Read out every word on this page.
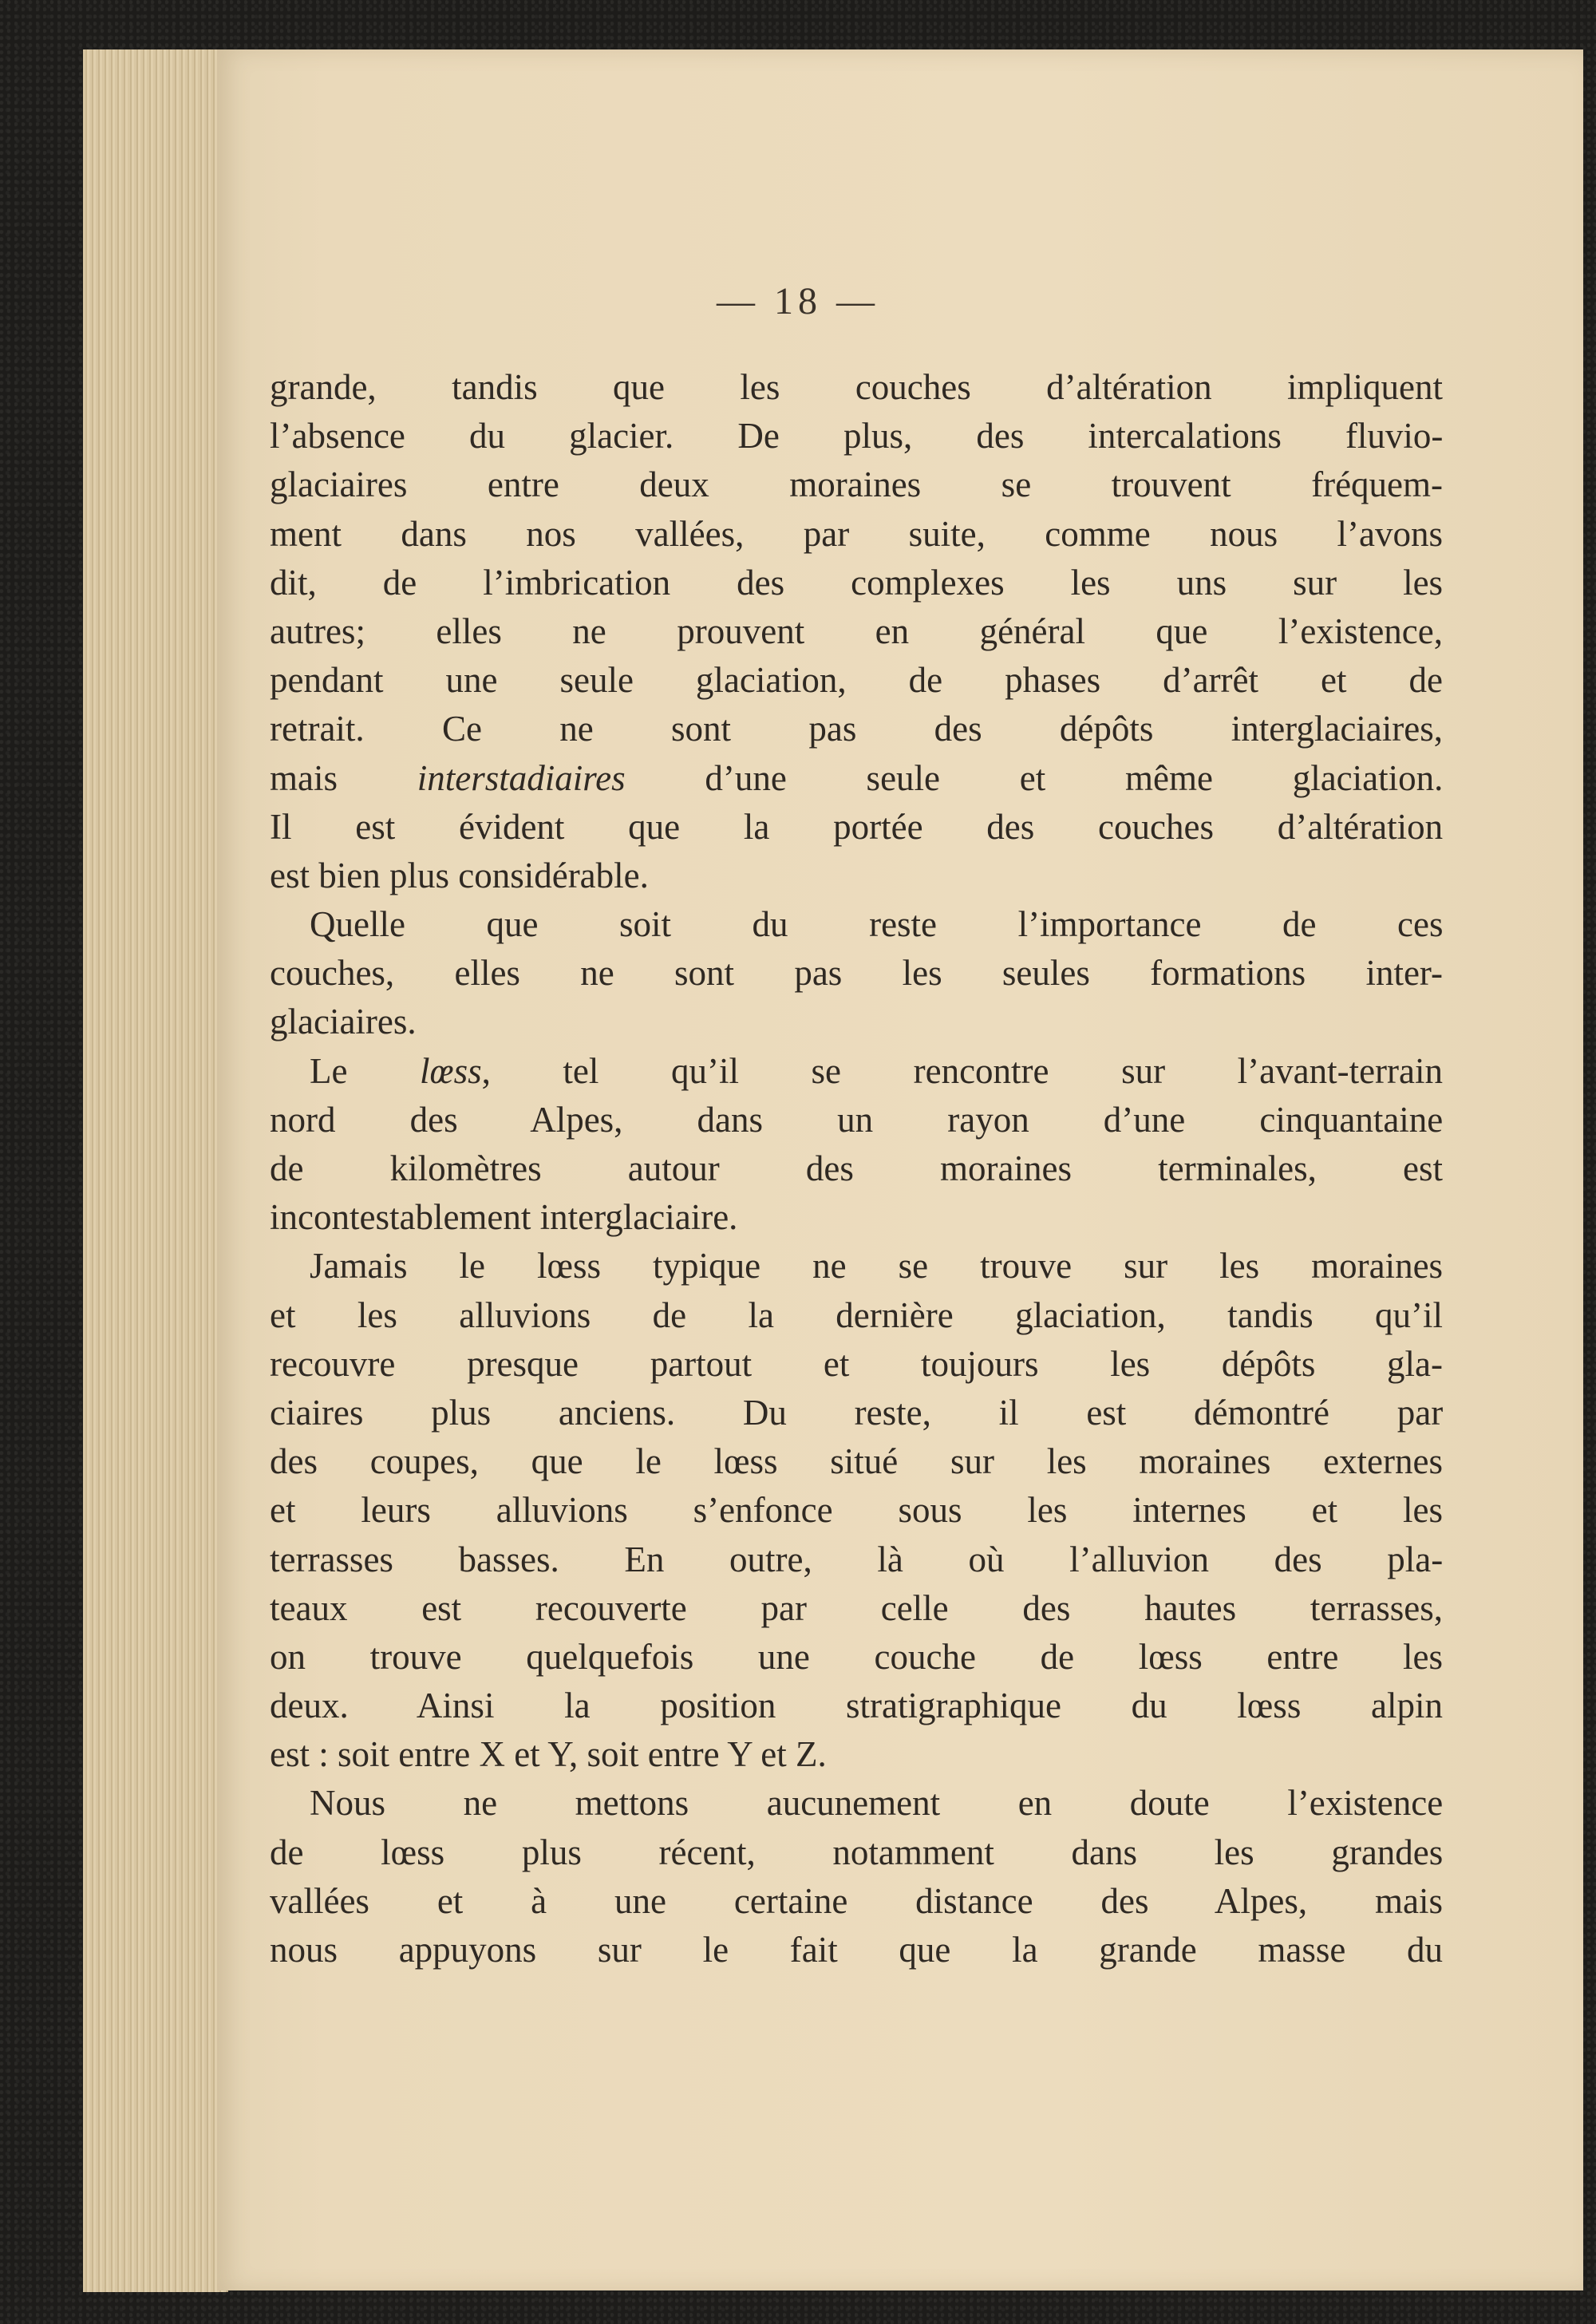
— 18 —
grande, tandis que les couches d’altération impliquent
l’absence du glacier. De plus, des intercalations fluvio-
glaciaires entre deux moraines se trouvent fréquem-
ment dans nos vallées, par suite, comme nous l’avons
dit, de l’imbrication des complexes les uns sur les
autres; elles ne prouvent en général que l’existence,
pendant une seule glaciation, de phases d’arrêt et de
retrait. Ce ne sont pas des dépôts interglaciaires,
mais interstadiaires d’une seule et même glaciation.
Il est évident que la portée des couches d’altération
est bien plus considérable.
Quelle que soit du reste l’importance de ces
couches, elles ne sont pas les seules formations inter-
glaciaires.
Le lœss, tel qu’il se rencontre sur l’avant-terrain
nord des Alpes, dans un rayon d’une cinquantaine
de kilomètres autour des moraines terminales, est
incontestablement interglaciaire.
Jamais le lœss typique ne se trouve sur les moraines
et les alluvions de la dernière glaciation, tandis qu’il
recouvre presque partout et toujours les dépôts gla-
ciaires plus anciens. Du reste, il est démontré par
des coupes, que le lœss situé sur les moraines externes
et leurs alluvions s’enfonce sous les internes et les
terrasses basses. En outre, là où l’alluvion des pla-
teaux est recouverte par celle des hautes terrasses,
on trouve quelquefois une couche de lœss entre les
deux. Ainsi la position stratigraphique du lœss alpin
est : soit entre X et Y, soit entre Y et Z.
Nous ne mettons aucunement en doute l’existence
de lœss plus récent, notamment dans les grandes
vallées et à une certaine distance des Alpes, mais
nous appuyons sur le fait que la grande masse du
